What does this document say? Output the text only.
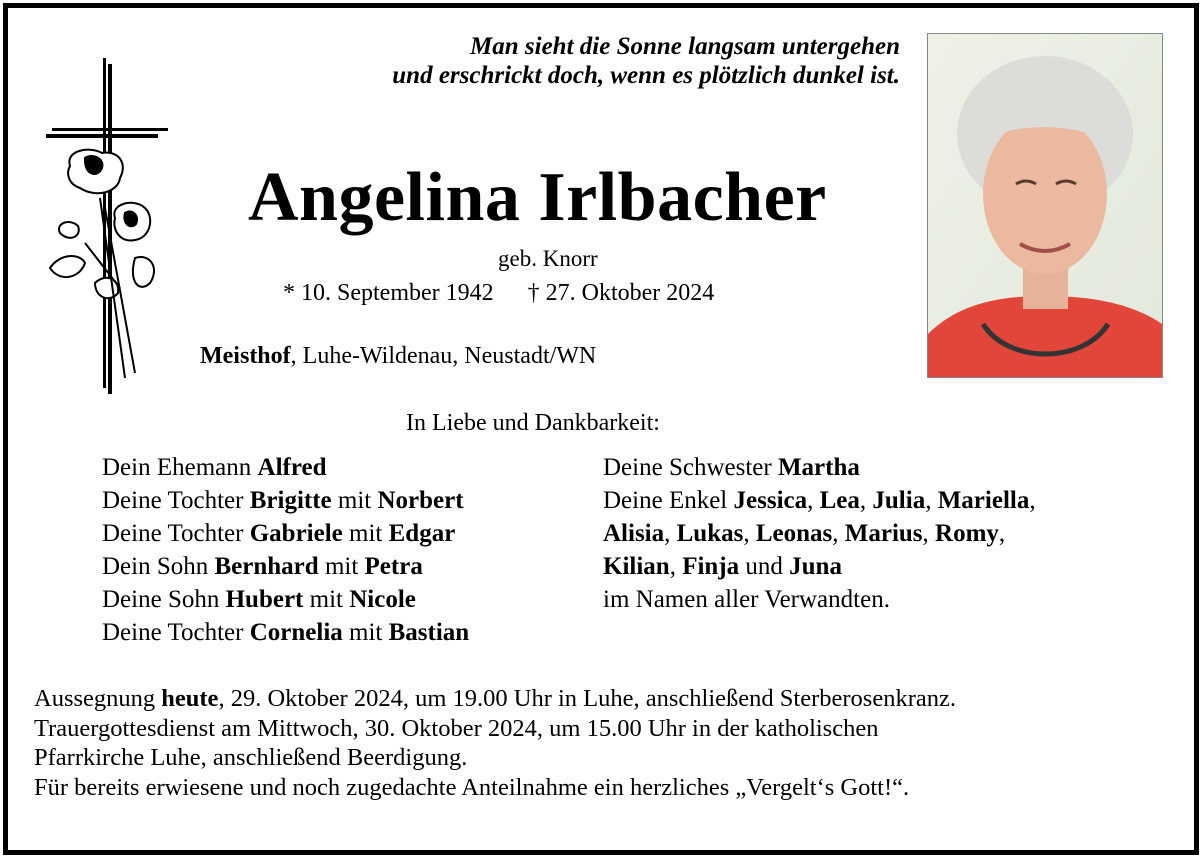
Man sieht die Sonne langsam untergehen
und erschrickt doch, wenn es plötzlich dunkel ist.
Angelina Irlbacher
geb. Knorr
* 10. September 1942 † 27. Oktober 2024
Meisthof, Luhe-Wildenau, Neustadt/WN
In Liebe und Dankbarkeit:
Dein Ehemann Alfred
Deine Tochter Brigitte mit Norbert
Deine Tochter Gabriele mit Edgar
Dein Sohn Bernhard mit Petra
Deine Sohn Hubert mit Nicole
Deine Tochter Cornelia mit Bastian
Deine Schwester Martha
Deine Enkel Jessica, Lea, Julia, Mariella,
Alisia, Lukas, Leonas, Marius, Romy,
Kilian, Finja und Juna
im Namen aller Verwandten.
Aussegnung heute, 29. Oktober 2024, um 19.00 Uhr in Luhe, anschließend Sterberosenkranz.
Trauergottesdienst am Mittwoch, 30. Oktober 2024, um 15.00 Uhr in der katholischen
Pfarrkirche Luhe, anschließend Beerdigung.
Für bereits erwiesene und noch zugedachte Anteilnahme ein herzliches „Vergelt‘s Gott!“.
